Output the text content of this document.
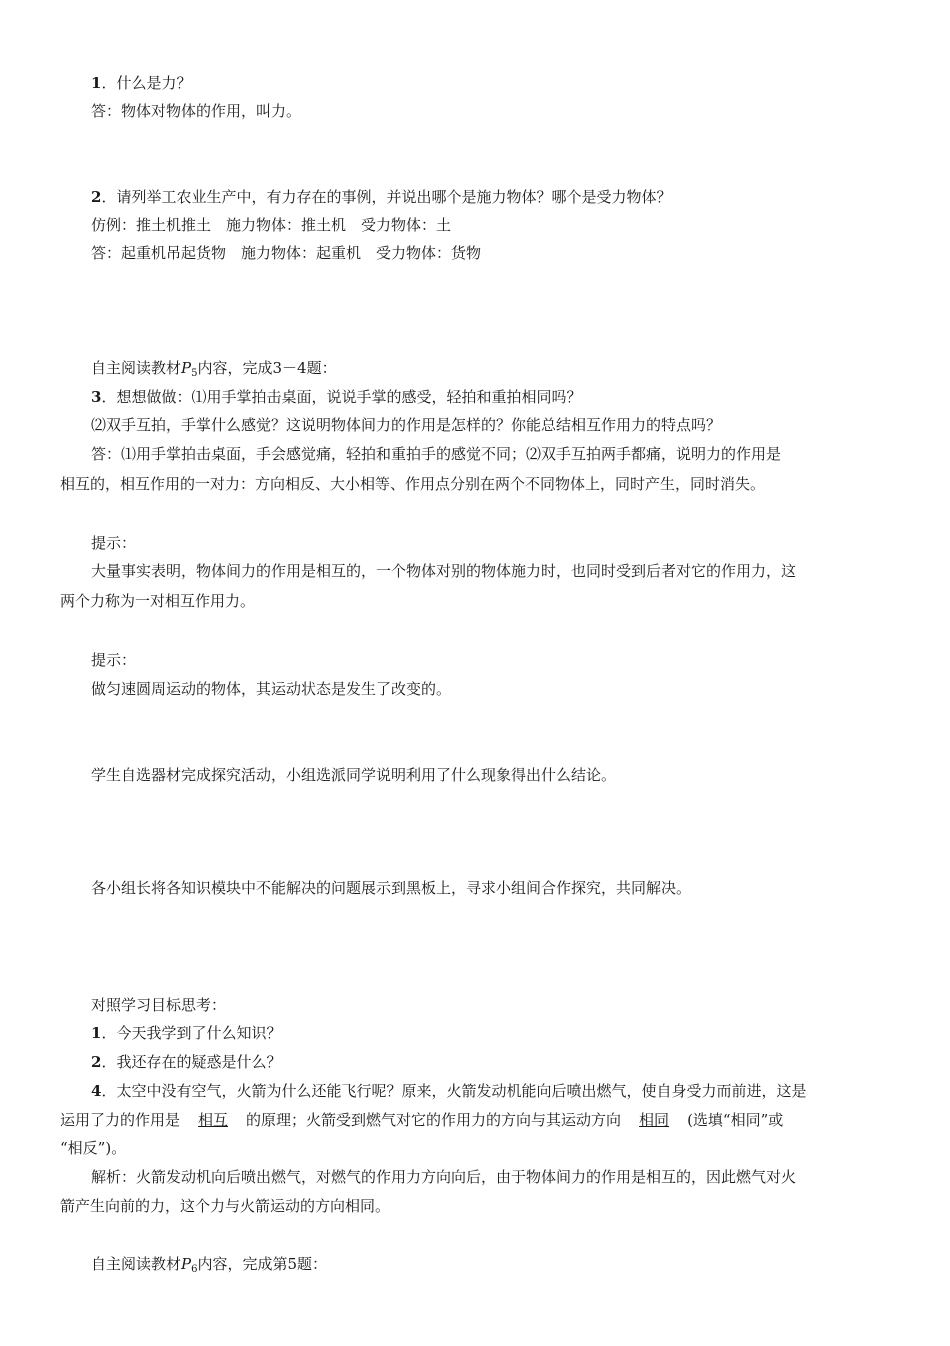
1．什么是力？
答：物体对物体的作用，叫力。
2．请列举工农业生产中，有力存在的事例，并说出哪个是施力物体？哪个是受力物体？
仿例：推土机推土　施力物体：推土机　受力物体：土
答：起重机吊起货物　施力物体：起重机　受力物体：货物
自主阅读教材$P_5$内容，完成3－4题：
3．想想做做：⑴用手掌拍击桌面，说说手掌的感受，轻拍和重拍相同吗？
⑵双手互拍，手掌什么感觉？这说明物体间力的作用是怎样的？你能总结相互作用力的特点吗？
答：⑴用手掌拍击桌面，手会感觉痛，轻拍和重拍手的感觉不同；⑵双手互拍两手都痛，说明力的作用是
相互的，相互作用的一对力：方向相反、大小相等、作用点分别在两个不同物体上，同时产生，同时消失。
提示：
大量事实表明，物体间力的作用是相互的，一个物体对别的物体施力时，也同时受到后者对它的作用力，这
两个力称为一对相互作用力。
提示：
做匀速圆周运动的物体，其运动状态是发生了改变的。
学生自选器材完成探究活动，小组选派同学说明利用了什么现象得出什么结论。
各小组长将各知识模块中不能解决的问题展示到黑板上，寻求小组间合作探究，共同解决。
对照学习目标思考：
1．今天我学到了什么知识？
2．我还存在的疑惑是什么？
4．太空中没有空气，火箭为什么还能飞行呢？原来，火箭发动机能向后喷出燃气，使自身受力而前进，这是
运用了力的作用是 相互 的原理；火箭受到燃气对它的作用力的方向与其运动方向 相同 (选填“相同”或
“相反”)。
解析：火箭发动机向后喷出燃气，对燃气的作用力方向向后，由于物体间力的作用是相互的，因此燃气对火
箭产生向前的力，这个力与火箭运动的方向相同。
自主阅读教材$P_6$内容，完成第5题：
